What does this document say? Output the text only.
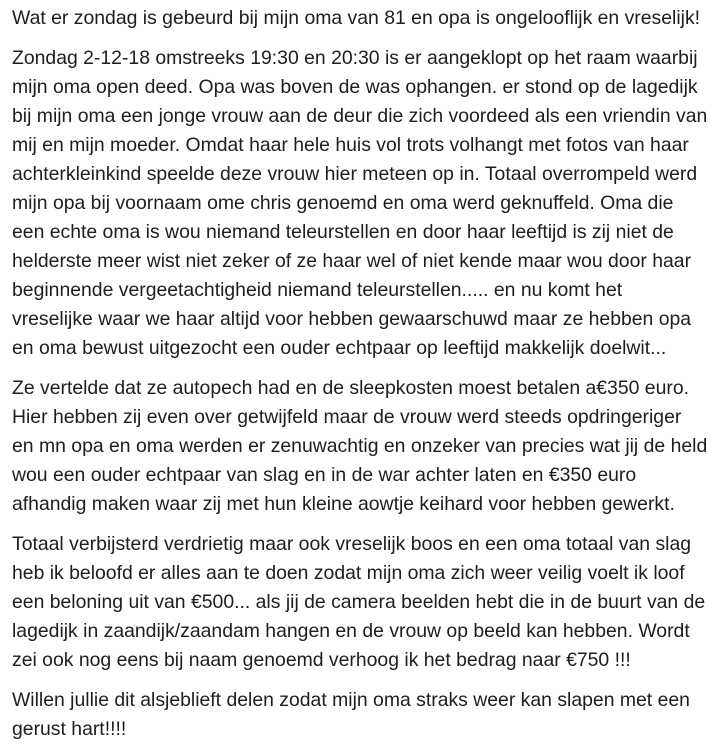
Wat er zondag is gebeurd bij mijn oma van 81 en opa is ongelooflijk en vreselijk!

Zondag 2-12-18 omstreeks 19:30 en 20:30 is er aangeklopt op het raam waarbij mijn oma open deed. Opa was boven de was ophangen. er stond op de lagedijk bij mijn oma een jonge vrouw aan de deur die zich voordeed als een vriendin van mij en mijn moeder. Omdat haar hele huis vol trots volhangt met fotos van haar achterkleinkind speelde deze vrouw hier meteen op in. Totaal overrompeld werd mijn opa bij voornaam ome chris genoemd en oma werd geknuffeld. Oma die een echte oma is wou niemand teleurstellen en door haar leeftijd is zij niet de helderste meer wist niet zeker of ze haar wel of niet kende maar wou door haar beginnende vergeetachtigheid niemand teleurstellen..... en nu komt het vreselijke waar we haar altijd voor hebben gewaarschuwd maar ze hebben opa en oma bewust uitgezocht een ouder echtpaar op leeftijd makkelijk doelwit...

Ze vertelde dat ze autopech had en de sleepkosten moest betalen a€350 euro. Hier hebben zij even over getwijfeld maar de vrouw werd steeds opdringeriger en mn opa en oma werden er zenuwachtig en onzeker van precies wat jij de held wou een ouder echtpaar van slag en in de war achter laten en €350 euro afhandig maken waar zij met hun kleine aowtje keihard voor hebben gewerkt.

Totaal verbijsterd verdrietig maar ook vreselijk boos en een oma totaal van slag heb ik beloofd er alles aan te doen zodat mijn oma zich weer veilig voelt ik loof een beloning uit van €500... als jij de camera beelden hebt die in de buurt van de lagedijk in zaandijk/zaandam hangen en de vrouw op beeld kan hebben. Wordt zei ook nog eens bij naam genoemd verhoog ik het bedrag naar €750 !!!

Willen jullie dit alsjeblieft delen zodat mijn oma straks weer kan slapen met een gerust hart!!!!
